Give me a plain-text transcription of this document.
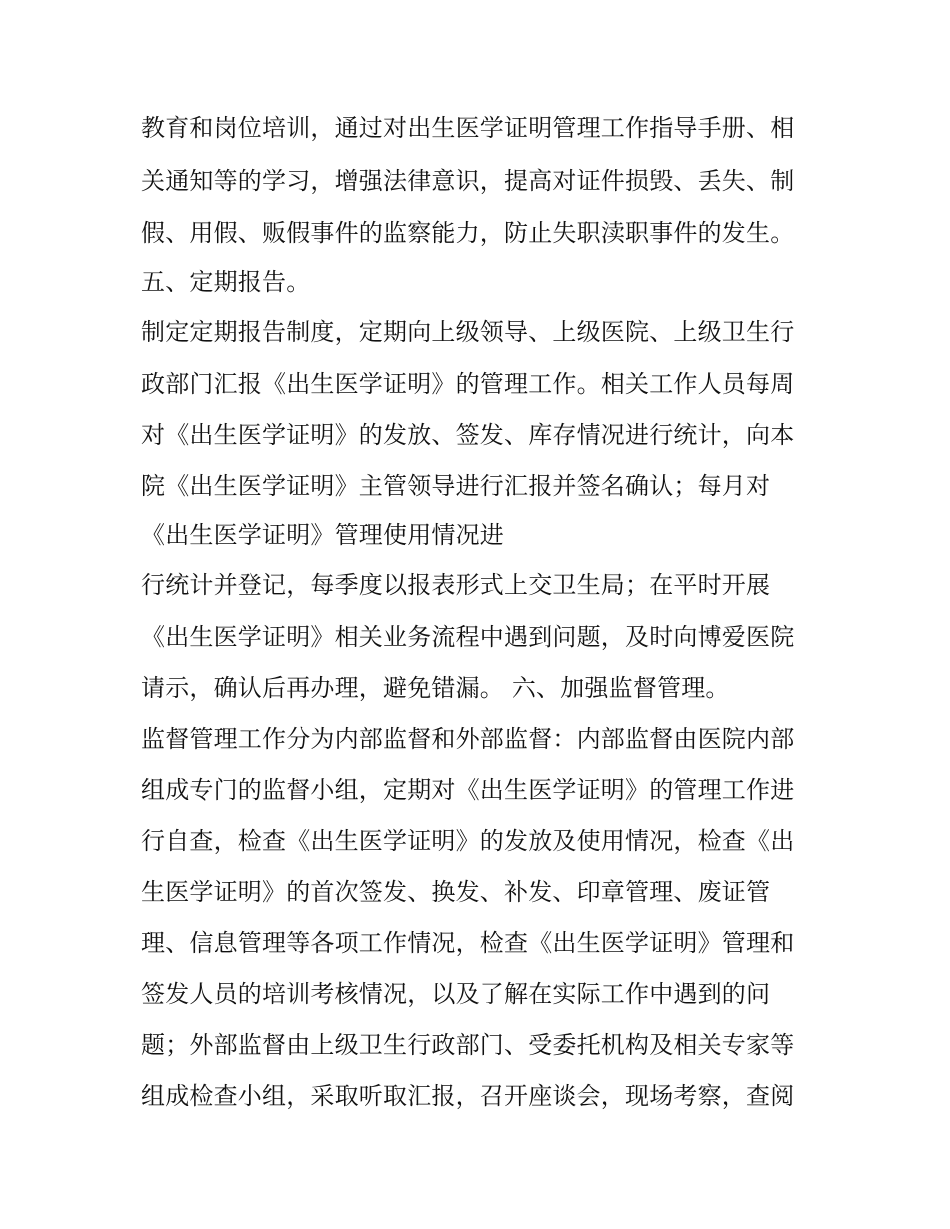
教育和岗位培训，通过对出生医学证明管理工作指导手册、相
关通知等的学习，增强法律意识，提高对证件损毁、丢失、制
假、用假、贩假事件的监察能力，防止失职渎职事件的发生。
五、定期报告。
制定定期报告制度，定期向上级领导、上级医院、上级卫生行
政部门汇报《出生医学证明》的管理工作。相关工作人员每周
对《出生医学证明》的发放、签发、库存情况进行统计，向本
院《出生医学证明》主管领导进行汇报并签名确认；每月对
《出生医学证明》管理使用情况进
行统计并登记，每季度以报表形式上交卫生局；在平时开展
《出生医学证明》相关业务流程中遇到问题，及时向博爱医院
请示，确认后再办理，避免错漏。 六、加强监督管理。
监督管理工作分为内部监督和外部监督：内部监督由医院内部
组成专门的监督小组，定期对《出生医学证明》的管理工作进
行自查，检查《出生医学证明》的发放及使用情况，检查《出
生医学证明》的首次签发、换发、补发、印章管理、废证管
理、信息管理等各项工作情况，检查《出生医学证明》管理和
签发人员的培训考核情况，以及了解在实际工作中遇到的问
题；外部监督由上级卫生行政部门、受委托机构及相关专家等
组成检查小组，采取听取汇报，召开座谈会，现场考察，查阅
